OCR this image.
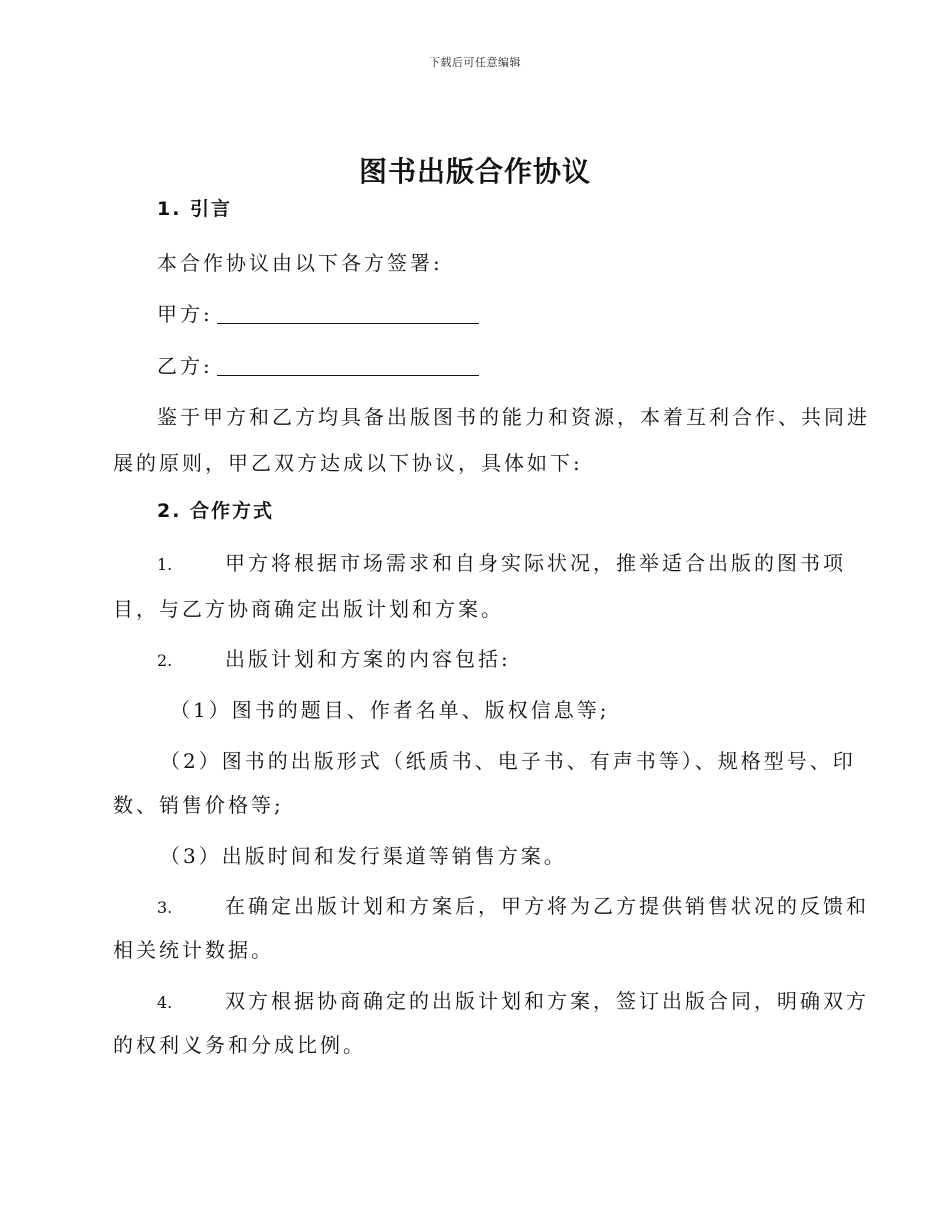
下载后可任意编辑
图书出版合作协议
1. 引言
本合作协议由以下各方签署:
甲方:
乙方:
鉴于甲方和乙方均具备出版图书的能力和资源，本着互利合作、共同进
展的原则，甲乙双方达成以下协议，具体如下:
2. 合作方式
1.	甲方将根据市场需求和自身实际状况，推举适合出版的图书项
目，与乙方协商确定出版计划和方案。
2.	出版计划和方案的内容包括:
（1）图书的题目、作者名单、版权信息等;
（2）图书的出版形式（纸质书、电子书、有声书等）、规格型号、印
数、销售价格等;
（3）出版时间和发行渠道等销售方案。
3.	在确定出版计划和方案后，甲方将为乙方提供销售状况的反馈和
相关统计数据。
4.	双方根据协商确定的出版计划和方案，签订出版合同，明确双方
的权利义务和分成比例。
